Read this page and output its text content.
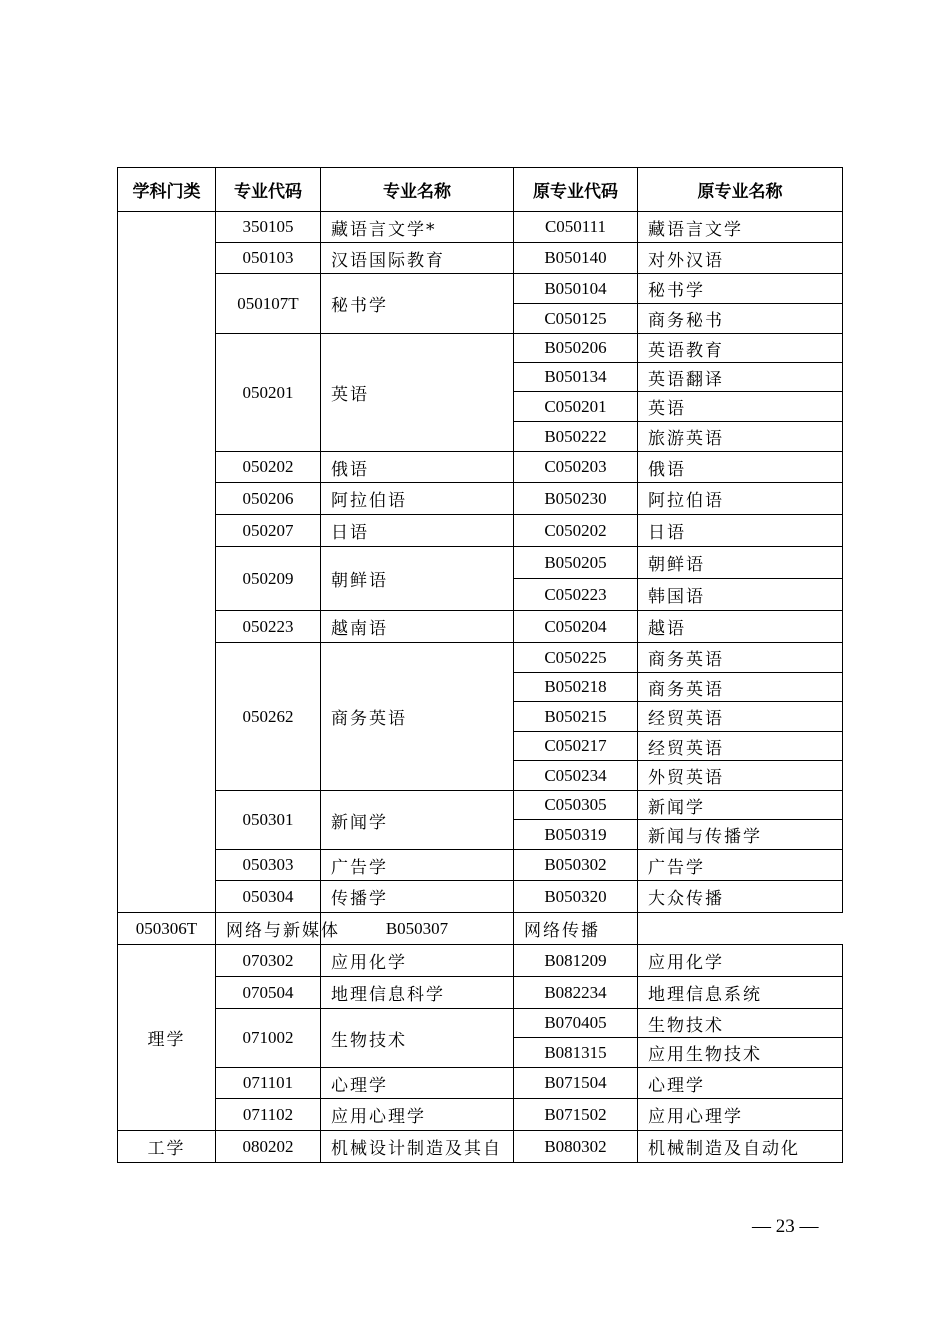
学科门类	专业代码	专业名称	原专业代码	原专业名称
	350105	藏语言文学*	C050111	藏语言文学
	050103	汉语国际教育	B050140	对外汉语
	050107T	秘书学	B050104	秘书学
			C050125	商务秘书
	050201	英语	B050206	英语教育
			B050134	英语翻译
			C050201	英语
			B050222	旅游英语
	050202	俄语	C050203	俄语
	050206	阿拉伯语	B050230	阿拉伯语
	050207	日语	C050202	日语
	050209	朝鲜语	B050205	朝鲜语
			C050223	韩国语
	050223	越南语	C050204	越语
	050262	商务英语	C050225	商务英语
			B050218	商务英语
			B050215	经贸英语
			C050217	经贸英语
			C050234	外贸英语
	050301	新闻学	C050305	新闻学
			B050319	新闻与传播学
	050303	广告学	B050302	广告学
	050304	传播学	B050320	大众传播
050306T	网络与新媒体	B050307	网络传播	
理学	070302	应用化学	B081209	应用化学
	070504	地理信息科学	B082234	地理信息系统
	071002	生物技术	B070405	生物技术
			B081315	应用生物技术
	071101	心理学	B071504	心理学
	071102	应用心理学	B071502	应用心理学
工学	080202	机械设计制造及其自	B080302	机械制造及自动化
— 23 —
